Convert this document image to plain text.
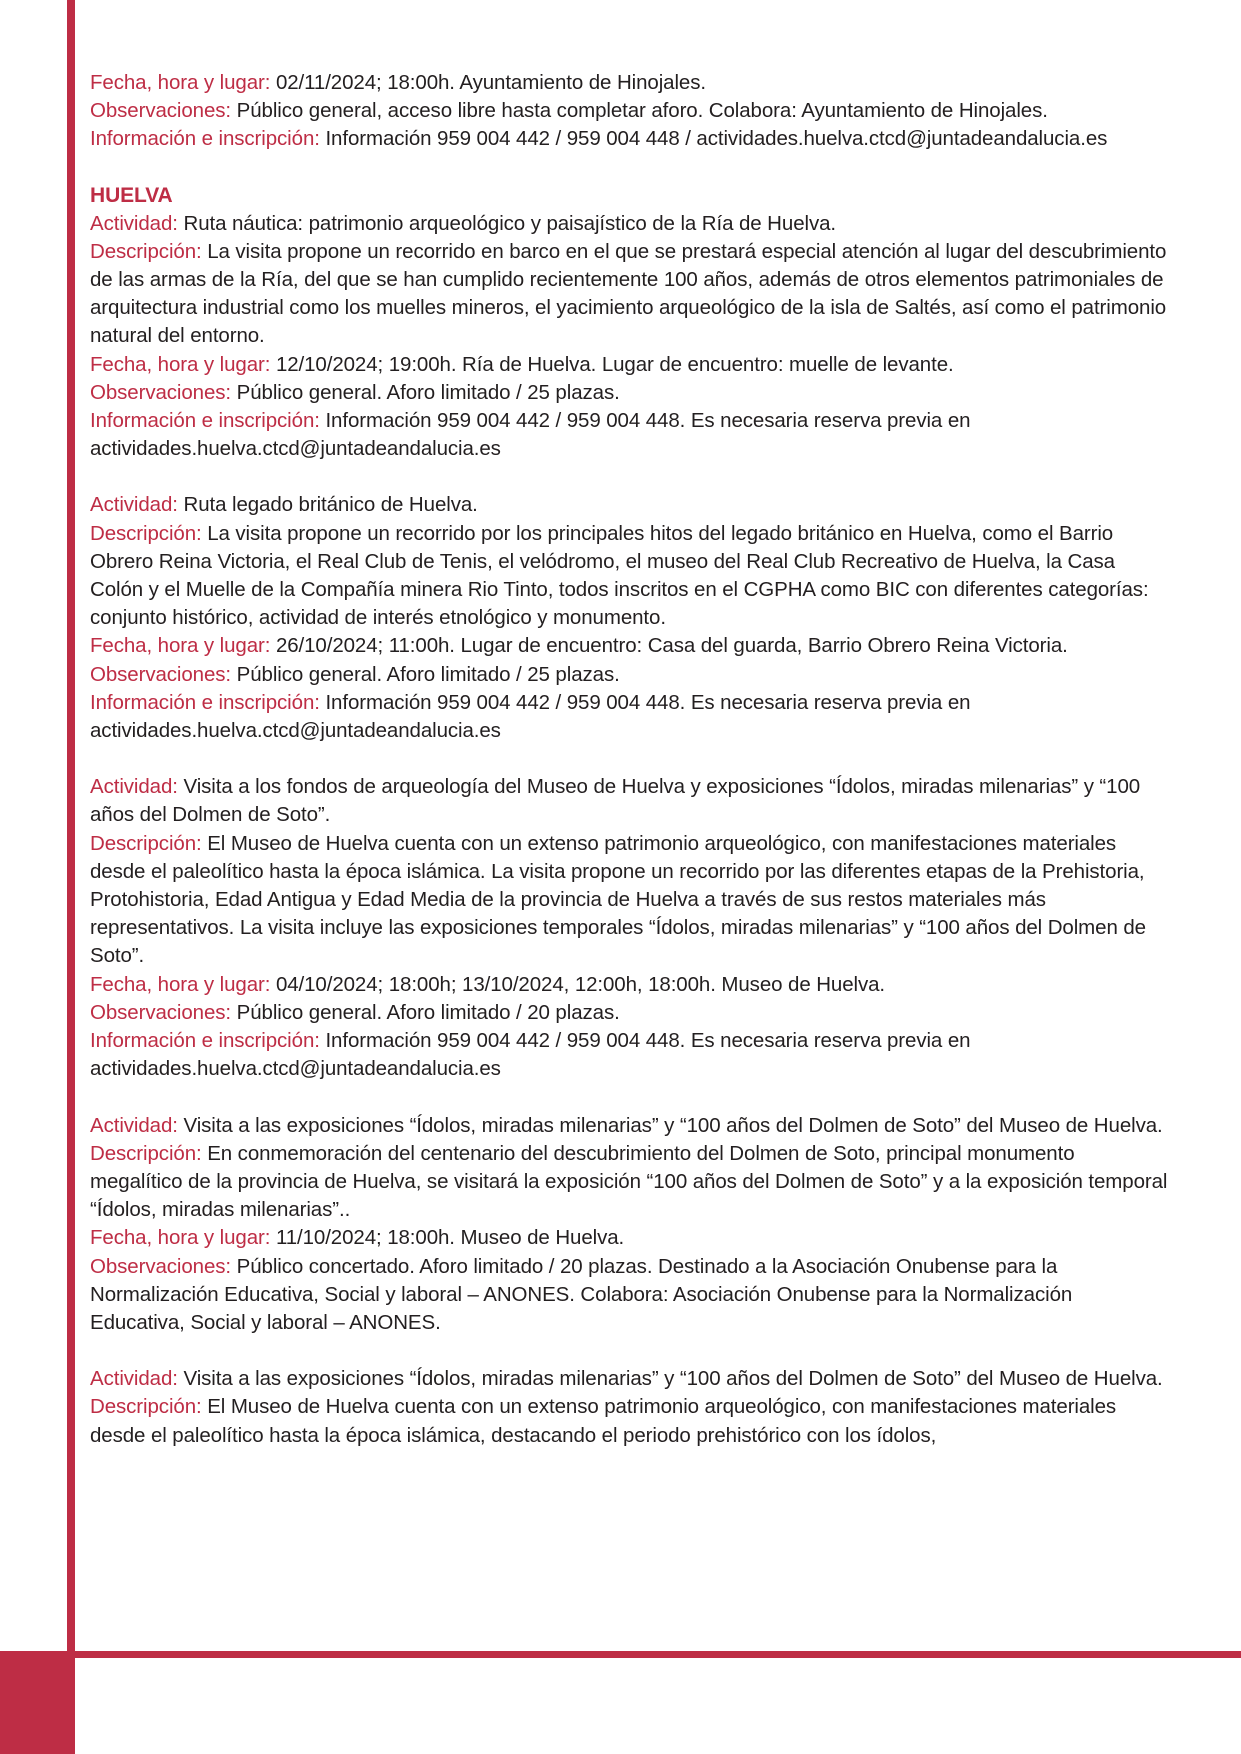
Fecha, hora y lugar: 02/11/2024; 18:00h. Ayuntamiento de Hinojales.

Observaciones: Público general, acceso libre hasta completar aforo. Colabora: Ayuntamiento de Hinojales.

Información e inscripción: Información 959 004 442 / 959 004 448 / actividades.huelva.ctcd@juntadeandalucia.es

HUELVA

Actividad: Ruta náutica: patrimonio arqueológico y paisajístico de la Ría de Huelva.

Descripción: La visita propone un recorrido en barco en el que se prestará especial atención al lugar del descubrimiento de las armas de la Ría, del que se han cumplido recientemente 100 años, además de otros elementos patrimoniales de arquitectura industrial como los muelles mineros, el yacimiento arqueológico de la isla de Saltés, así como el patrimonio natural del entorno.

Fecha, hora y lugar: 12/10/2024; 19:00h. Ría de Huelva. Lugar de encuentro: muelle de levante.

Observaciones: Público general. Aforo limitado / 25 plazas.

Información e inscripción: Información 959 004 442 / 959 004 448. Es necesaria reserva previa en actividades.huelva.ctcd@juntadeandalucia.es

Actividad: Ruta legado británico de Huelva.

Descripción: La visita propone un recorrido por los principales hitos del legado británico en Huelva, como el Barrio Obrero Reina Victoria, el Real Club de Tenis, el velódromo, el museo del Real Club Recreativo de Huelva, la Casa Colón y el Muelle de la Compañía minera Rio Tinto, todos inscritos en el CGPHA como BIC con diferentes categorías: conjunto histórico, actividad de interés etnológico y monumento.

Fecha, hora y lugar: 26/10/2024; 11:00h. Lugar de encuentro: Casa del guarda, Barrio Obrero Reina Victoria.

Observaciones: Público general. Aforo limitado / 25 plazas.

Información e inscripción: Información 959 004 442 / 959 004 448. Es necesaria reserva previa en actividades.huelva.ctcd@juntadeandalucia.es

Actividad: Visita a los fondos de arqueología del Museo de Huelva y exposiciones “Ídolos, miradas milenarias” y “100 años del Dolmen de Soto”.

Descripción: El Museo de Huelva cuenta con un extenso patrimonio arqueológico, con manifestaciones materiales desde el paleolítico hasta la época islámica. La visita propone un recorrido por las diferentes etapas de la Prehistoria, Protohistoria, Edad Antigua y Edad Media de la provincia de Huelva a través de sus restos materiales más representativos. La visita incluye las exposiciones temporales “Ídolos, miradas milenarias” y “100 años del Dolmen de Soto”.

Fecha, hora y lugar: 04/10/2024; 18:00h; 13/10/2024, 12:00h, 18:00h. Museo de Huelva.

Observaciones: Público general. Aforo limitado / 20 plazas.

Información e inscripción: Información 959 004 442 / 959 004 448. Es necesaria reserva previa en actividades.huelva.ctcd@juntadeandalucia.es

Actividad: Visita a las exposiciones “Ídolos, miradas milenarias” y “100 años del Dolmen de Soto” del Museo de Huelva.

Descripción: En conmemoración del centenario del descubrimiento del Dolmen de Soto, principal monumento megalítico de la provincia de Huelva, se visitará la exposición “100 años del Dolmen de Soto” y a la exposición temporal “Ídolos, miradas milenarias”..

Fecha, hora y lugar: 11/10/2024; 18:00h. Museo de Huelva.

Observaciones: Público concertado. Aforo limitado / 20 plazas. Destinado a la Asociación Onubense para la Normalización Educativa, Social y laboral – ANONES. Colabora: Asociación Onubense para la Normalización Educativa, Social y laboral – ANONES.

Actividad: Visita a las exposiciones “Ídolos, miradas milenarias” y “100 años del Dolmen de Soto” del Museo de Huelva.

Descripción: El Museo de Huelva cuenta con un extenso patrimonio arqueológico, con manifestaciones materiales desde el paleolítico hasta la época islámica, destacando el periodo prehistórico con los ídolos,
